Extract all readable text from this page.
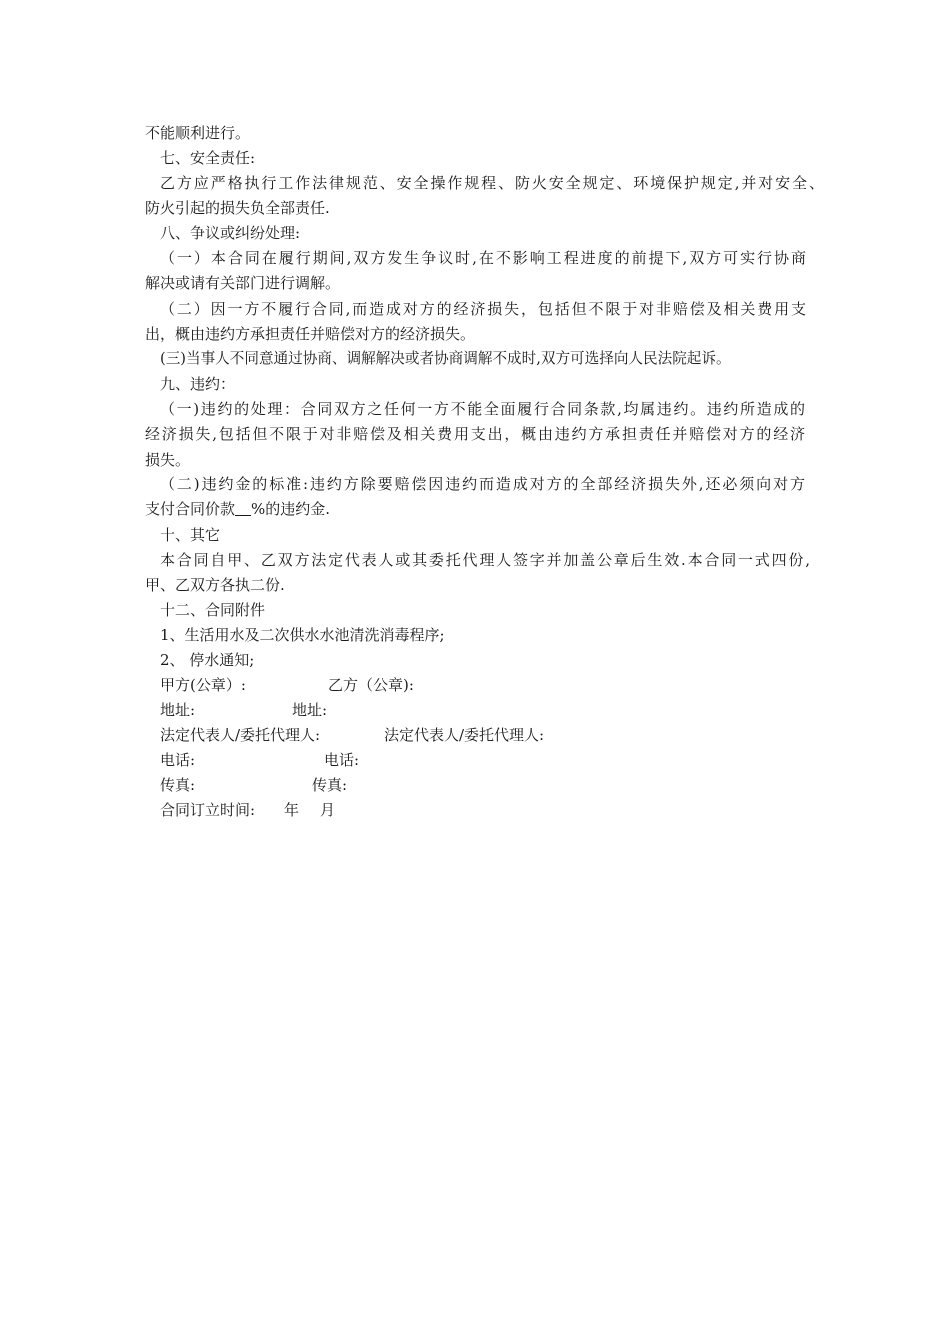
不能顺利进行。
七、安全责任:
乙方应严格执行工作法律规范、安全操作规程、防火安全规定、环境保护规定,并对安全、
防火引起的损失负全部责任.
八、争议或纠纷处理:
（一）本合同在履行期间,双方发生争议时,在不影响工程进度的前提下,双方可实行协商
解决或请有关部门进行调解。
（二）因一方不履行合同,而造成对方的经济损失，包括但不限于对非赔偿及相关费用支
出，概由违约方承担责任并赔偿对方的经济损失。
(三)当事人不同意通过协商、调解解决或者协商调解不成时,双方可选择向人民法院起诉。
九、违约：
（一)违约的处理：合同双方之任何一方不能全面履行合同条款,均属违约。违约所造成的
经济损失,包括但不限于对非赔偿及相关费用支出，概由违约方承担责任并赔偿对方的经济
损失。
（二)违约金的标准:违约方除要赔偿因违约而造成对方的全部经济损失外,还必须向对方
支付合同价款 %的违约金.
十、其它
本合同自甲、乙双方法定代表人或其委托代理人签字并加盖公章后生效.本合同一式四份,
甲、乙双方各执二份.
十二、合同附件
1、生活用水及二次供水水池清洗消毒程序;
2、 停水通知;
甲方(公章）:	乙方（公章):
地址:	地址:
法定代表人/委托代理人:	法定代表人/委托代理人:
电话:	电话:
传真:	传真:
合同订立时间: 年 月
